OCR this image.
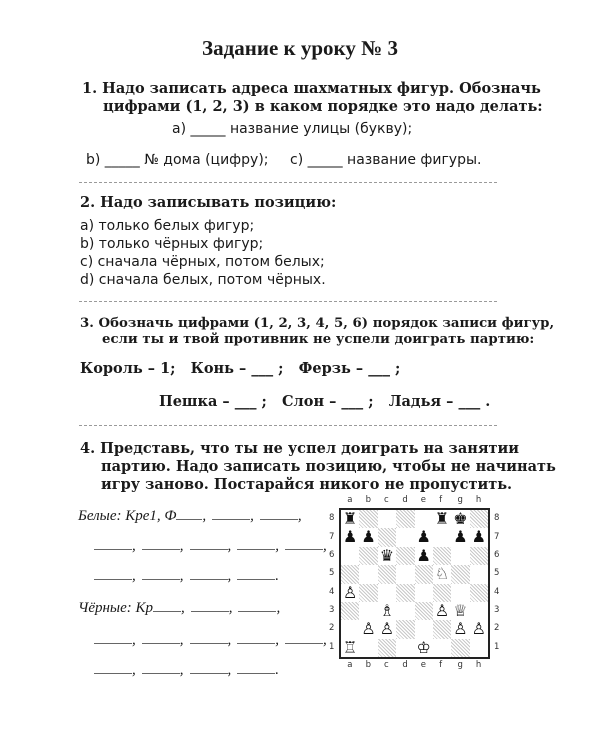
Задание к уроку № 3
1. Надо записать адреса шахматных фигур. Обозначь
цифрами (1, 2, 3) в каком порядке это надо делать:
а) _____ название улицы (букву);
b) _____ № дома (цифру); с) _____ название фигуры.
2. Надо записывать позицию:
а) только белых фигур;
b) только чёрных фигур;
с) сначала чёрных, потом белых;
d) сначала белых, потом чёрных.
3. Обозначь цифрами (1, 2, 3, 4, 5, 6) порядок записи фигур,
если ты и твой противник не успели доиграть партию:
Король – 1;   Конь – ___ ;   Ферзь – ___ ;
Пешка – ___ ;   Слон – ___ ;   Ладья – ___ .
4. Представь, что ты не успел доиграть на занятии
партию. Надо записать позицию, чтобы не начинать
игру заново. Постарайся никого не пропустить.
Белые: Кре1, Ф ,	,	,
,	,	,	,	,
,	,	,	.
Чёрные: Кр ,	,	,
,	,	,	,	,
,	,	,	.
a b c d e f g h
a b c d e f g h
8
7
6
5
4
3
2
1
8
7
6
5
4
3
2
1
♜	♜ ♚
♟ ♟	♟ ♟ ♟
♛ ♟
♘
♙
♗	♙ ♕
♙ ♙	♙ ♙
♖	♔
